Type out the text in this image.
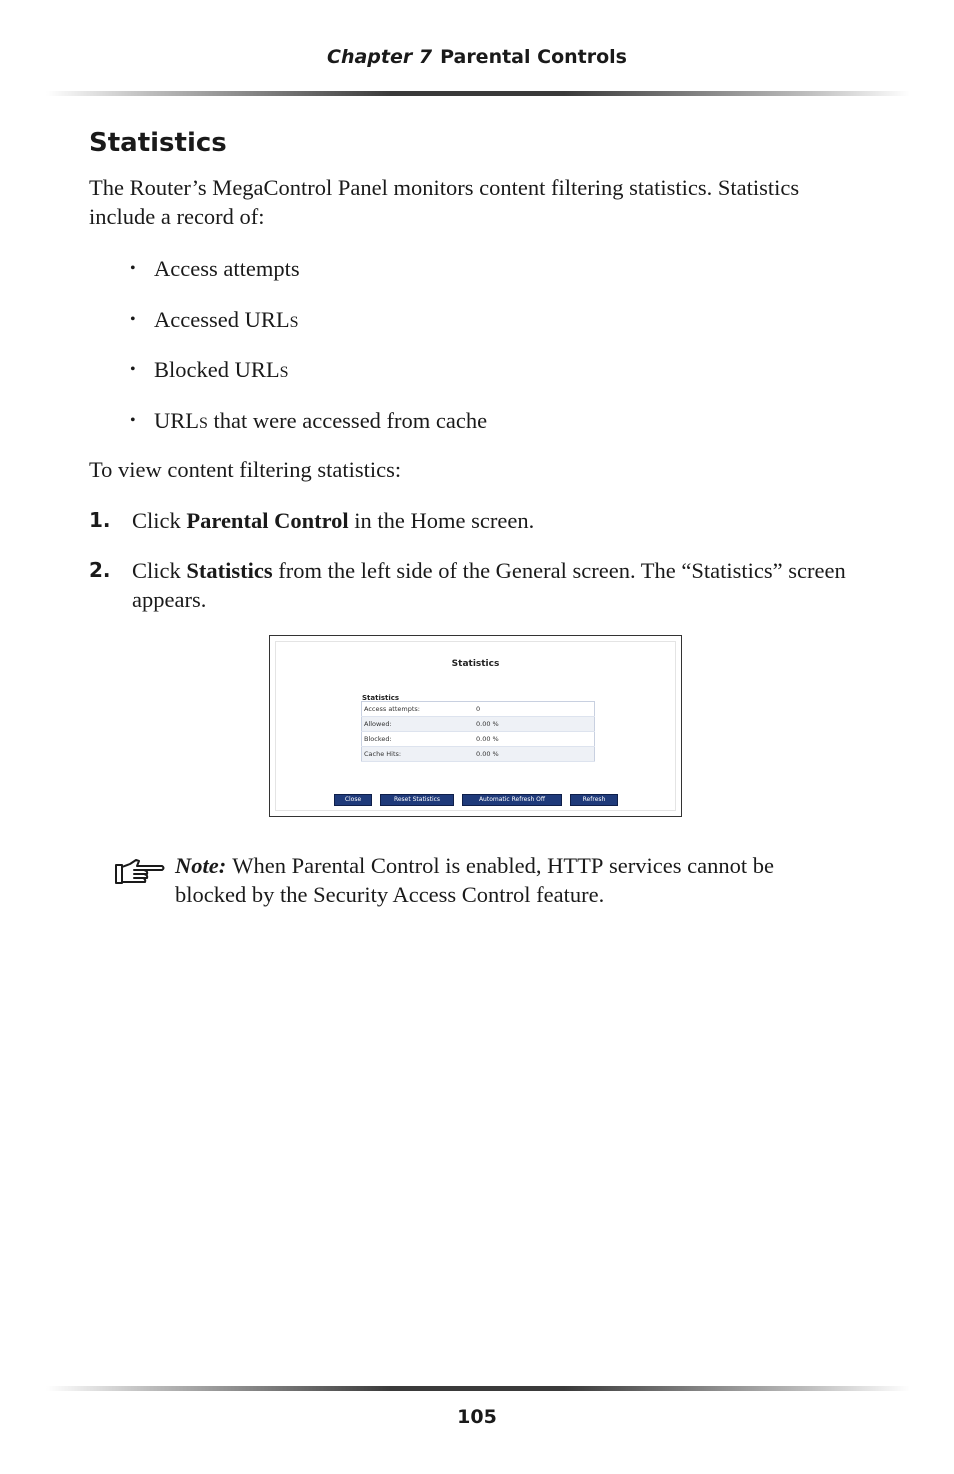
Chapter 7 Parental Controls
Statistics

The Router’s MegaControl Panel monitors content filtering statistics. Statistics include a record of:

• Access attempts
• Accessed URLs
• Blocked URLs
• URLs that were accessed from cache

To view content filtering statistics:

1. Click Parental Control in the Home screen.
2. Click Statistics from the left side of the General screen. The “Statistics” screen appears.
Statistics
Statistics
Access attempts:	0
Allowed:	0.00 %
Blocked:	0.00 %
Cache Hits:	0.00 %
Close	Reset Statistics	Automatic Refresh Off	Refresh

Note: When Parental Control is enabled, HTTP services cannot be blocked by the Security Access Control feature.

105
